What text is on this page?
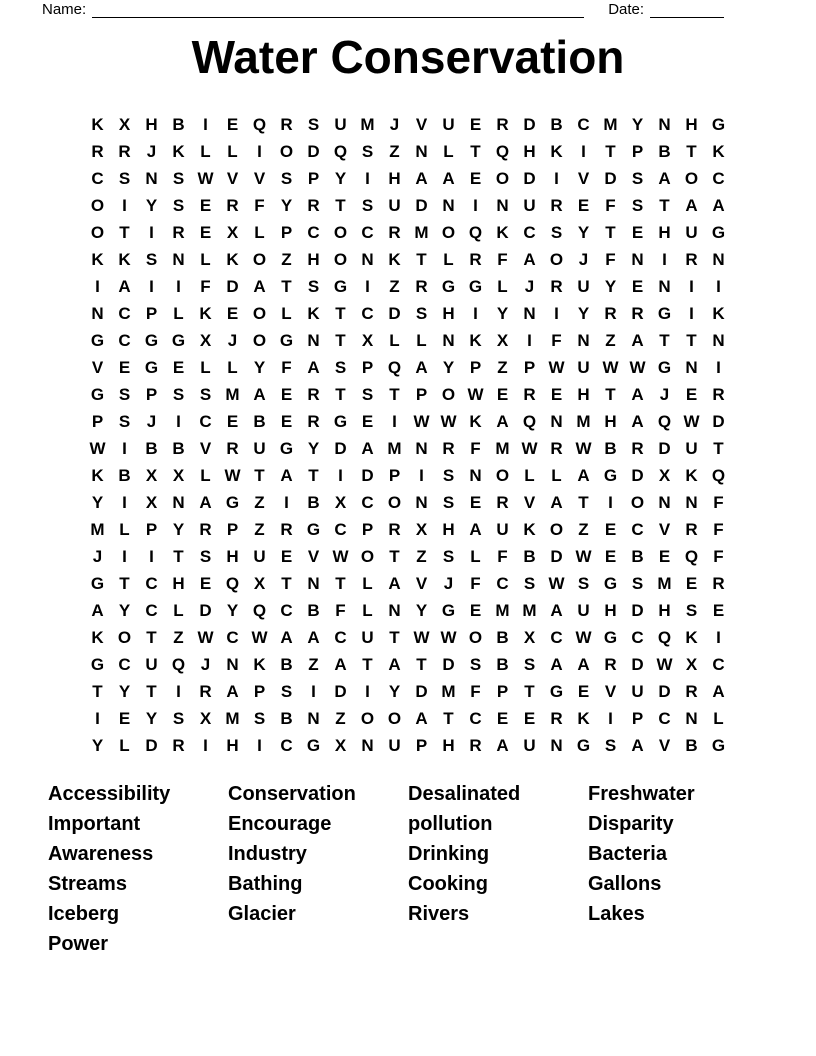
Name:	Date:
Water Conservation
K X H B	I	E Q R S U M J V U E R D B C M Y N H G
R R J K L L	I	O D Q S Z N L T Q H K	I	T P B T K
C S N S W V V S P Y	I	H A A E O D	I	V D S A O C
O	I	Y S E R F Y R T S U D N	I	N U R E F S T A A
O T	I	R E X L P C O C R M O Q K C S Y T E H U G
K K S N L K O Z H O N K T L R F A O J	F N	I	R N
I	A	I	I	F D A T S G	I	Z R G G L	J R U Y E N	I	I
N C P L K E O L K T C D S H	I	Y N	I	Y R R G	I	K
G C G G X J O G N T X L L N K X	I	F N Z A T T N
V E G E L L Y F A S P Q A Y P Z P W U W W G N	I
G S P S S M A E R T S T P O W E R E H T A J E R
P S J	I	C E B E R G E	I W W K A Q N M H A Q W D
W I	B B V R U G Y D A M N R F M W R W B R D U T
K B X X L W T A T	I	D P	I	S N O L L A G D X K Q
Y	I	X N A G Z	I	B X C O N S E R V A T	I	O N N F
M L P Y R P Z R G C P R X H A U K O Z E C V R F
J	I	I	T S H U E V W O T Z S L F B D W E B E Q F
G T C H E Q X T N T L A V J	F C S W S G S M E R
A Y C L D Y Q C B F L N Y G E M M A U H D H S E
K O T Z W C W A A C U T W W O B X C W G C Q K	I
G C U Q J N K B Z A T A T D S B S A A R D W X C
T Y T	I	R A P S	I	D	I	Y D M F P T G E V U D R A
I	E Y S X M S B N Z O O A T C E E R K	I	P C N L
Y L D R	I	H	I	C G X N U P H R A U N G S A V B G
Accessibility
Important
Awareness
Streams
Iceberg
Power
Conservation
Encourage
Industry
Bathing
Glacier
Desalinated
pollution
Drinking
Cooking
Rivers
Freshwater
Disparity
Bacteria
Gallons
Lakes
